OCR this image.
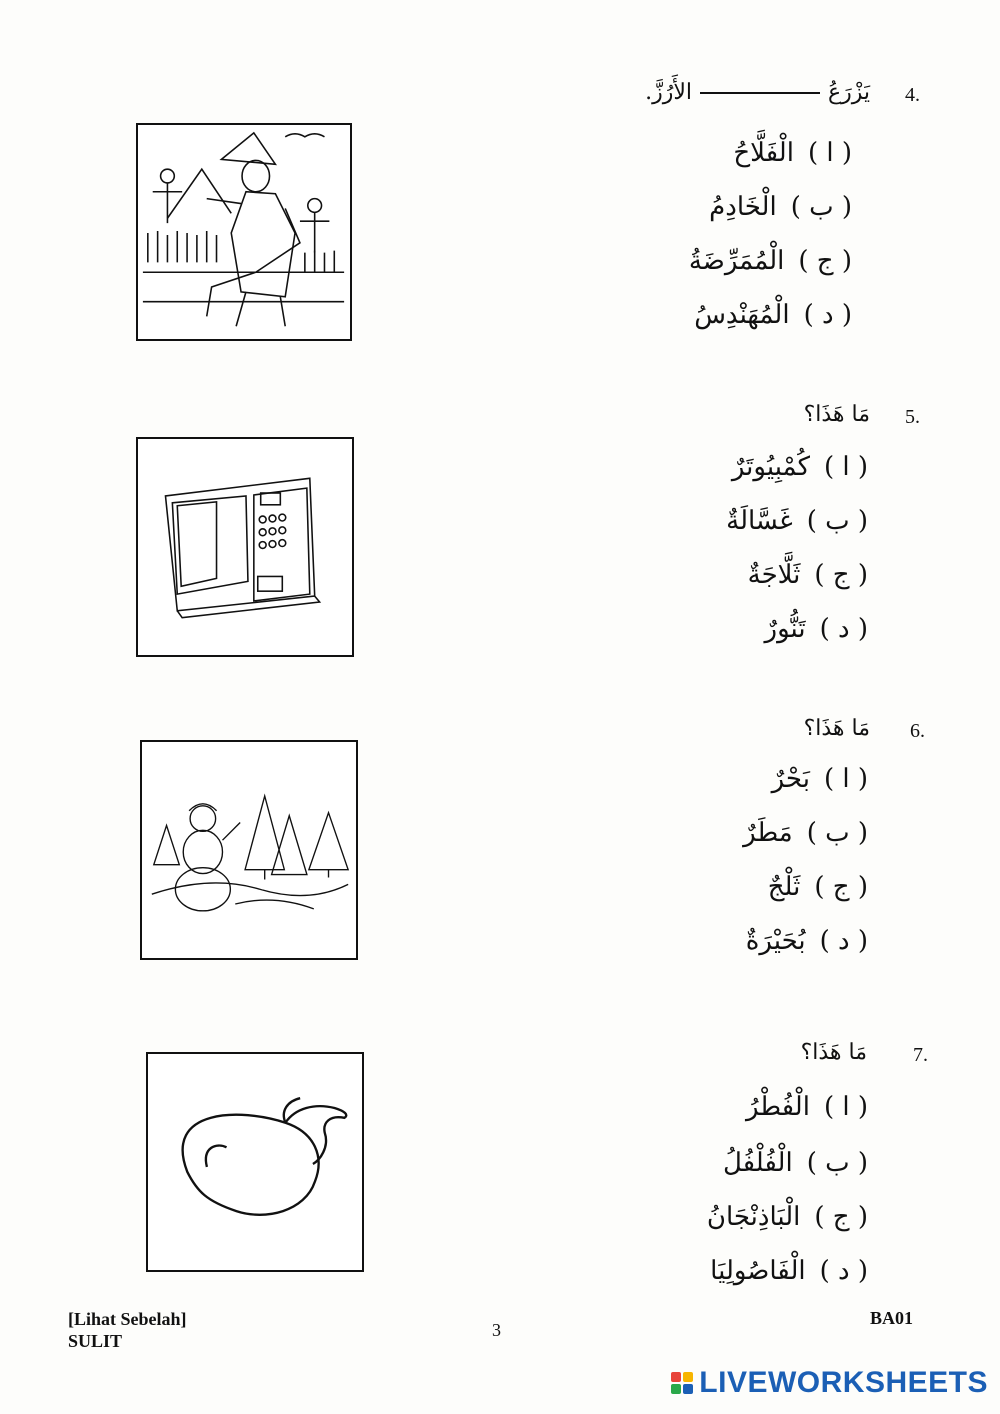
4.
يَزْرَعُالأَرُزَّ.
( ا )الْفَلَّاحُ
( ب )الْخَادِمُ
( ج )الْمُمَرِّضَةُ
( د )الْمُهَنْدِسُ
5.
مَا هَذَا؟
( ا )كُمْبِيُوتَرٌ
( ب )غَسَّالَةٌ
( ج )ثَلَّاجَةٌ
( د )تَنُّورٌ
6.
مَا هَذَا؟
( ا )بَحْرٌ
( ب )مَطَرٌ
( ج )ثَلْجٌ
( د )بُحَيْرَةٌ
7.
مَا هَذَا؟
( ا )الْفُطْرُ
( ب )الْفُلْفُلُ
( ج )الْبَاذِنْجَانُ
( د )الْفَاصُولِيَا
[Lihat Sebelah]
SULIT
3
BA01
LIVEWORKSHEETS
